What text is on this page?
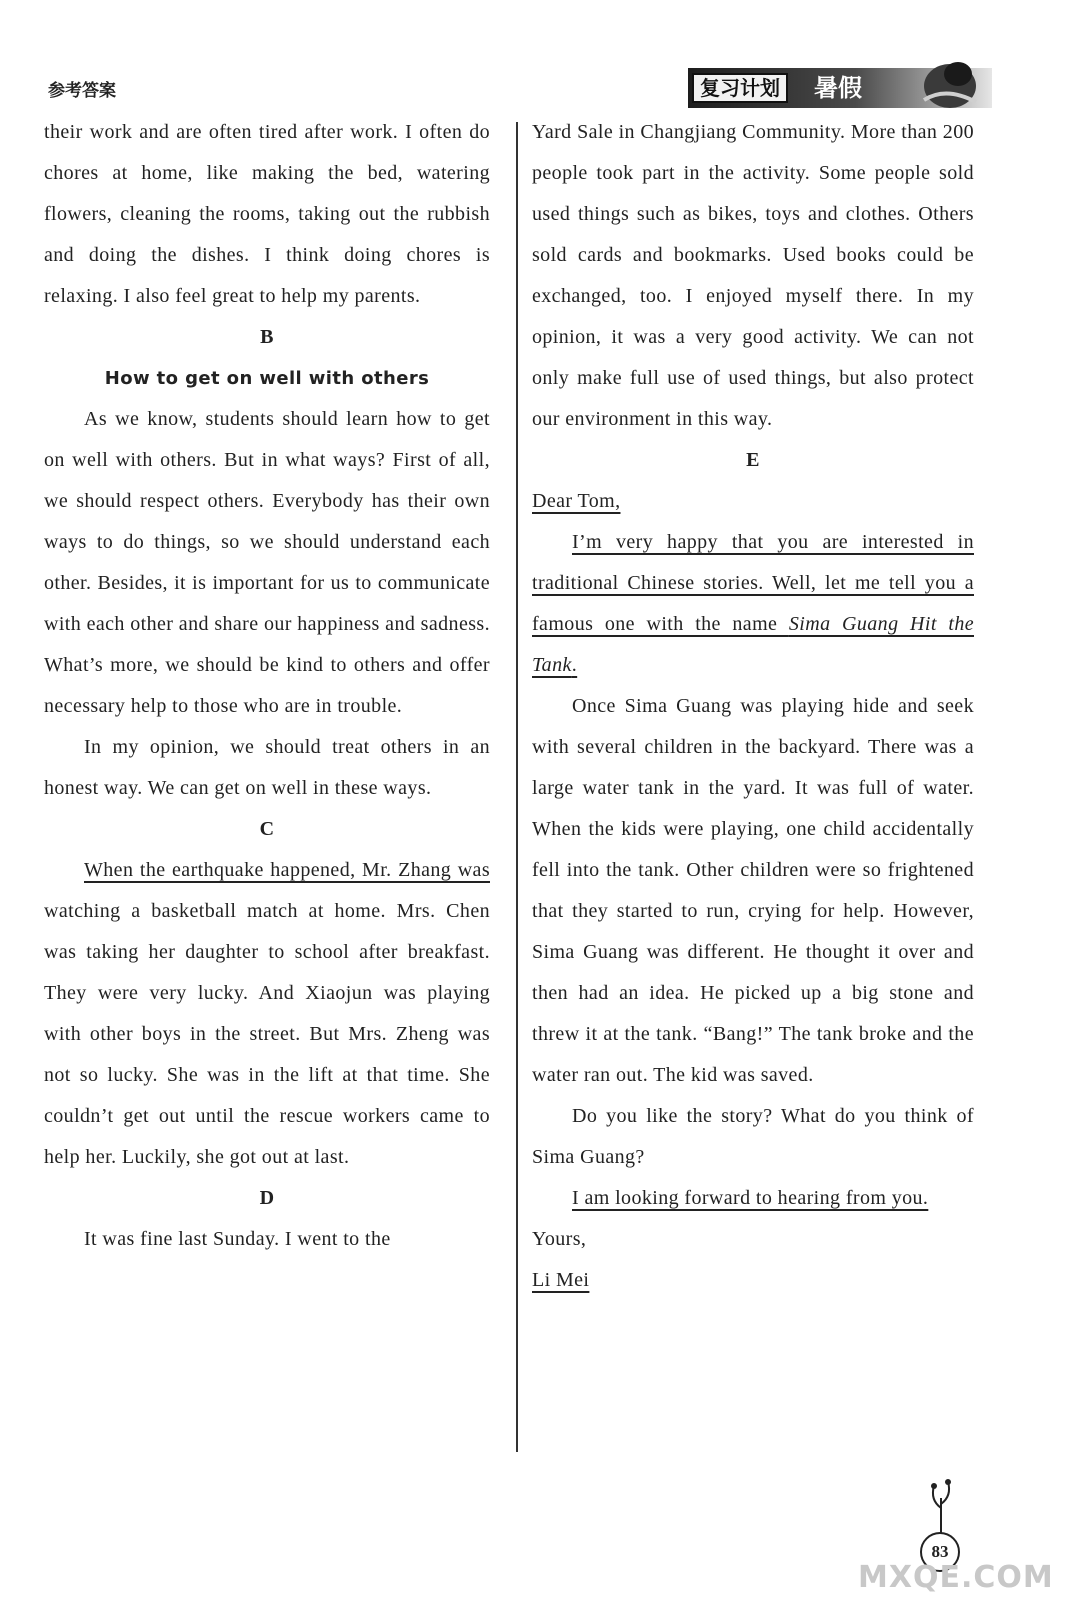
参考答案	复习计划	暑假

their work and are often tired after work. I often do chores at home, like making the bed, watering flowers, cleaning the rooms, taking out the rubbish and doing the dishes. I think doing chores is relaxing. I also feel great to help my parents.

B

How to get on well with others

As we know, students should learn how to get on well with others. But in what ways? First of all, we should respect others. Everybody has their own ways to do things, so we should understand each other. Besides, it is important for us to communicate with each other and share our happiness and sadness. What’s more, we should be kind to others and offer necessary help to those who are in trouble.

In my opinion, we should treat others in an honest way. We can get on well in these ways.

C

When the earthquake happened, Mr. Zhang was watching a basketball match at home. Mrs. Chen was taking her daughter to school after breakfast. They were very lucky. And Xiaojun was playing with other boys in the street. But Mrs. Zheng was not so lucky. She was in the lift at that time. She couldn’t get out until the rescue workers came to help her. Luckily, she got out at last.

D

It was fine last Sunday. I went to the

Yard Sale in Changjiang Community. More than 200 people took part in the activity. Some people sold used things such as bikes, toys and clothes. Others sold cards and bookmarks. Used books could be exchanged, too. I enjoyed myself there. In my opinion, it was a very good activity. We can not only make full use of used things, but also protect our environment in this way.

E

Dear Tom,

I’m very happy that you are interested in traditional Chinese stories. Well, let me tell you a famous one with the name Sima Guang Hit the Tank.

Once Sima Guang was playing hide and seek with several children in the backyard. There was a large water tank in the yard. It was full of water. When the kids were playing, one child accidentally fell into the tank. Other children were so frightened that they started to run, crying for help. However, Sima Guang was different. He thought it over and then had an idea. He picked up a big stone and threw it at the tank. “Bang!” The tank broke and the water ran out. The kid was saved.

Do you like the story? What do you think of Sima Guang?

I am looking forward to hearing from you.

Yours,

Li Mei

83
MXQE.COM
